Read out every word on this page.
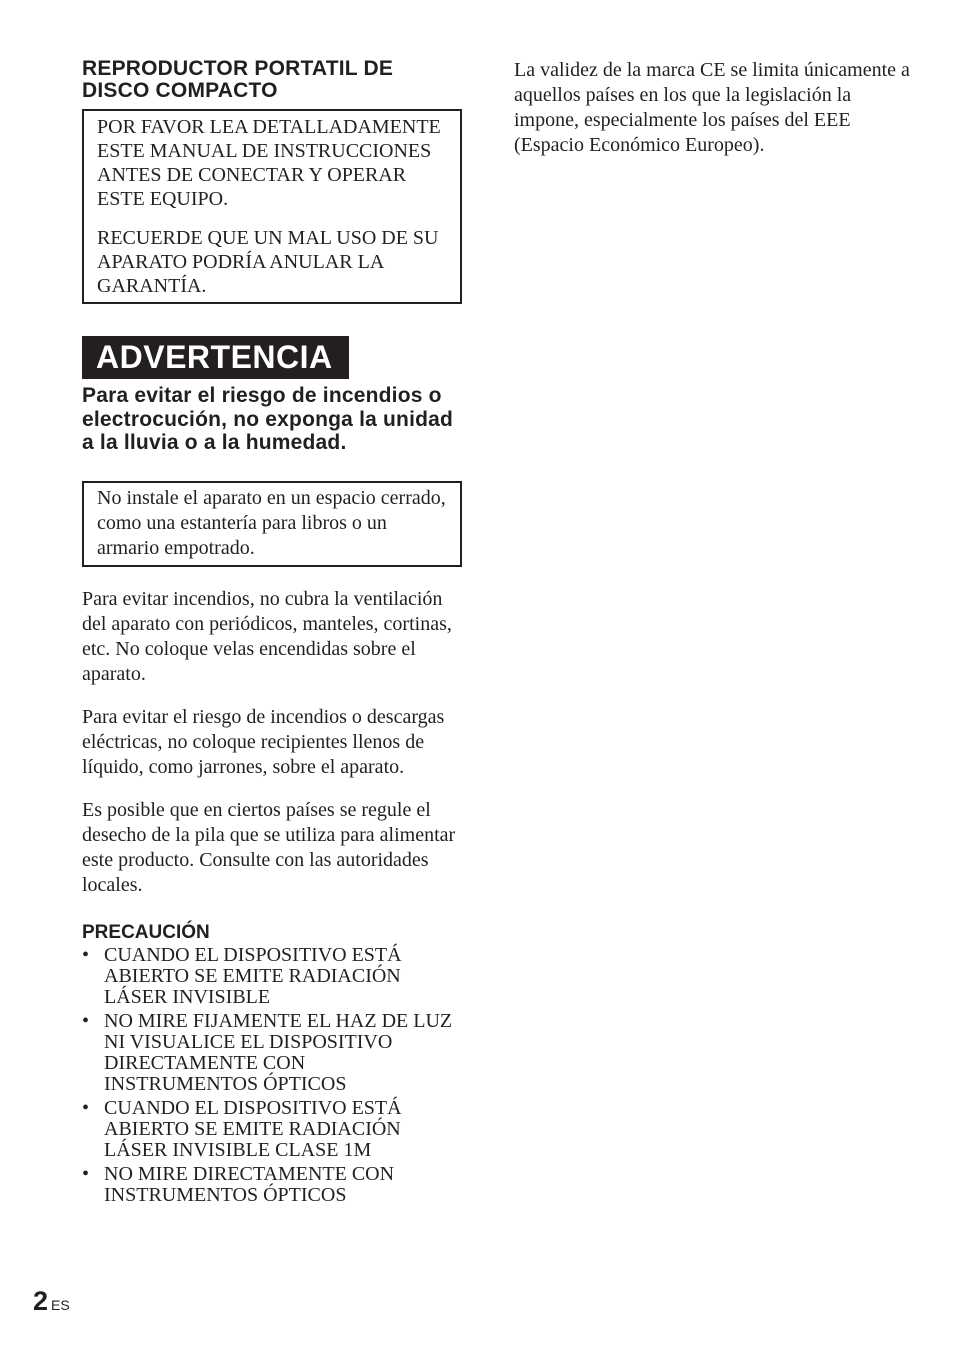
REPRODUCTOR PORTATIL DE DISCO COMPACTO

POR FAVOR LEA DETALLADAMENTE ESTE MANUAL DE INSTRUCCIONES ANTES DE CONECTAR Y OPERAR ESTE EQUIPO.

RECUERDE QUE UN MAL USO DE SU APARATO PODRÍA ANULAR LA GARANTÍA.

ADVERTENCIA

Para evitar el riesgo de incendios o electrocución, no exponga la unidad a la lluvia o a la humedad.

No instale el aparato en un espacio cerrado, como una estantería para libros o un armario empotrado.

Para evitar incendios, no cubra la ventilación del aparato con periódicos, manteles, cortinas, etc. No coloque velas encendidas sobre el aparato.

Para evitar el riesgo de incendios o descargas eléctricas, no coloque recipientes llenos de líquido, como jarrones, sobre el aparato.

Es posible que en ciertos países se regule el desecho de la pila que se utiliza para alimentar este producto. Consulte con las autoridades locales.

PRECAUCIÓN
• CUANDO EL DISPOSITIVO ESTÁ ABIERTO SE EMITE RADIACIÓN LÁSER INVISIBLE
• NO MIRE FIJAMENTE EL HAZ DE LUZ NI VISUALICE EL DISPOSITIVO DIRECTAMENTE CON INSTRUMENTOS ÓPTICOS
• CUANDO EL DISPOSITIVO ESTÁ ABIERTO SE EMITE RADIACIÓN LÁSER INVISIBLE CLASE 1M
• NO MIRE DIRECTAMENTE CON INSTRUMENTOS ÓPTICOS

La validez de la marca CE se limita únicamente a aquellos países en los que la legislación la impone, especialmente los países del EEE (Espacio Económico Europeo).

2 ES
